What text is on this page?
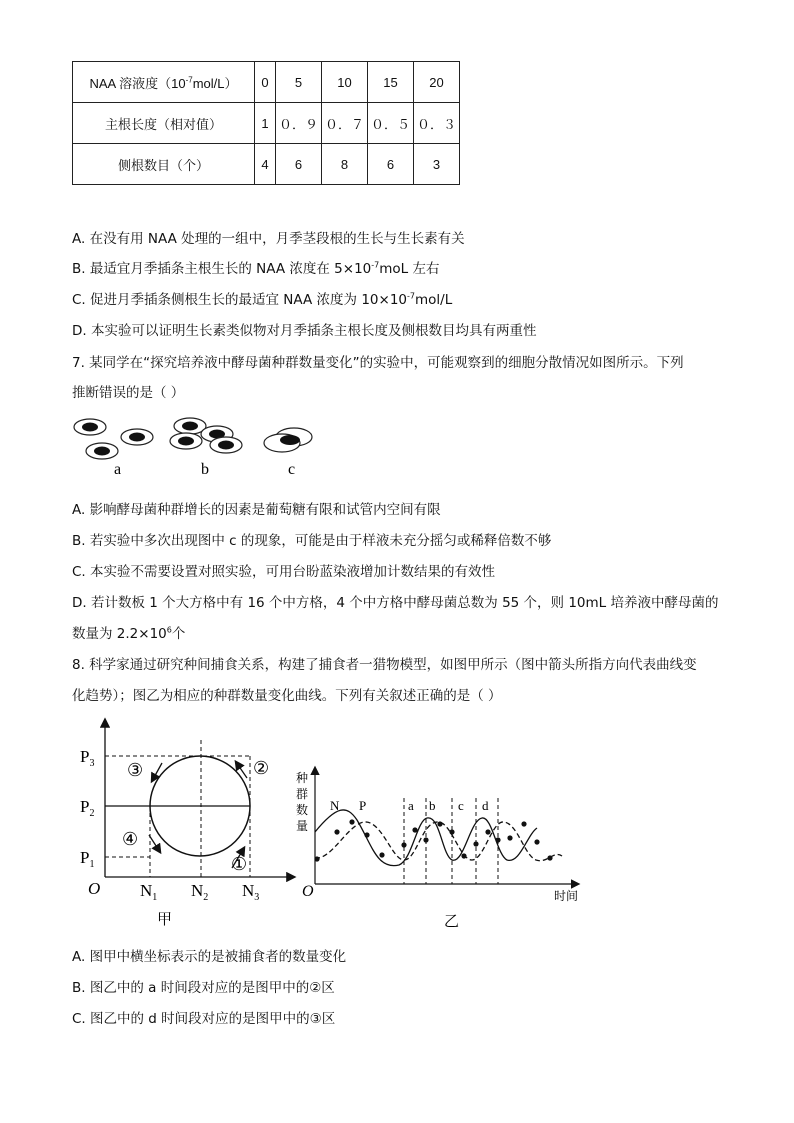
NAA 溶液度$(10^{-7}mol/L)$	0	5	10	15	20
主根长度（相对值）	1	０．９	０．７	０．５	０．３
侧根数目（个）	4	6	8	6	3
A. 在没有用 NAA 处理的一组中，月季茎段根的生长与生长素有关
B. 最适宜月季插条主根生长的 NAA 浓度在 $5\times 10^{-7}moL$ 左右
C. 促进月季插条侧根生长的最适宜 NAA 浓度为 $10\times 10^{-7}mol/L$
D. 本实验可以证明生长素类似物对月季插条主根长度及侧根数目均具有两重性
7. 某同学在“探究培养液中酵母菌种群数量变化”的实验中，可能观察到的细胞分散情况如图所示。下列
推断错误的是（ ）
a	b	c
A. 影响酵母菌种群增长的因素是葡萄糖有限和试管内空间有限
B. 若实验中多次出现图中 c 的现象，可能是由于样液未充分摇匀或稀释倍数不够
C. 本实验不需要设置对照实验，可用台盼蓝染液增加计数结果的有效性
D. 若计数板 1 个大方格中有 16 个中方格，4 个中方格中酵母菌总数为 55 个，则 10mL 培养液中酵母菌的
数量为 $2.2\times 10^6$个
8. 科学家通过研究种间捕食关系，构建了捕食者一猎物模型，如图甲所示（图中箭头所指方向代表曲线变
化趋势）；图乙为相应的种群数量变化曲线。下列有关叙述正确的是（ ）
①
②
③
④
$P_3$
$P_2$
$P_1$
O $N_1$ $N_2$ $N_3$
甲
种
群
数
量
时间
O
N P	a b c d
乙
A. 图甲中横坐标表示的是被捕食者的数量变化
B. 图乙中的 a 时间段对应的是图甲中的②区
C. 图乙中的 d 时间段对应的是图甲中的③区
